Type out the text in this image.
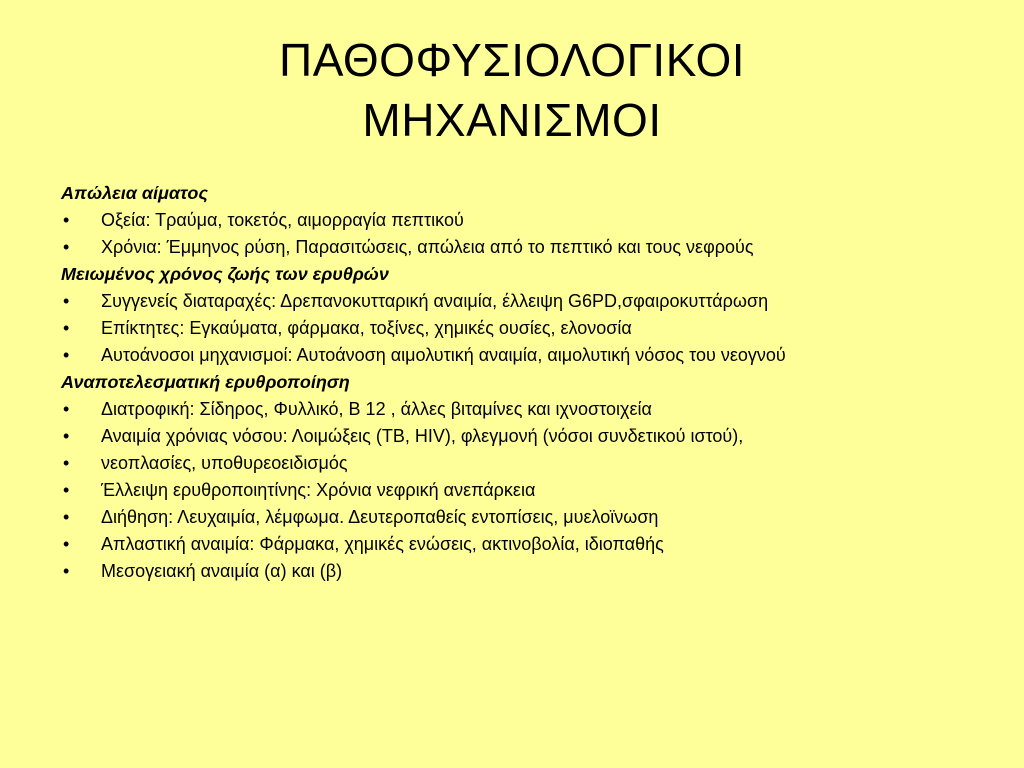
ΠΑΘΟΦΥΣΙΟΛΟΓΙΚΟΙ
ΜΗΧΑΝΙΣΜΟΙ
Απώλεια αίματος
•	Οξεία: Τραύμα, τοκετός, αιμορραγία πεπτικού
•	Χρόνια: Έμμηνος ρύση, Παρασιτώσεις, απώλεια από το πεπτικό και τους νεφρούς
Μειωμένος χρόνος ζωής των ερυθρών
•	Συγγενείς διαταραχές: Δρεπανοκυτταρική αναιμία, έλλειψη G6PD,σφαιροκυττάρωση
•	Επίκτητες: Εγκαύματα, φάρμακα, τοξίνες, χημικές ουσίες, ελονοσία
•	Αυτοάνοσοι μηχανισμοί: Αυτοάνοση αιμολυτική αναιμία, αιμολυτική νόσος του νεογνού
Αναποτελεσματική ερυθροποίηση
•	Διατροφική: Σίδηρος, Φυλλικό, Β 12 , άλλες βιταμίνες και ιχνοστοιχεία
•	Αναιμία χρόνιας νόσου: Λοιμώξεις (ΤΒ, HIV), φλεγμονή (νόσοι συνδετικού ιστού),
•	νεοπλασίες, υποθυρεοειδισμός
•	Έλλειψη ερυθροποιητίνης: Χρόνια νεφρική ανεπάρκεια
•	Διήθηση: Λευχαιμία, λέμφωμα. Δευτεροπαθείς εντοπίσεις, μυελοϊνωση
•	Απλαστική αναιμία: Φάρμακα, χημικές ενώσεις, ακτινοβολία, ιδιοπαθής
•	Μεσογειακή αναιμία (α) και (β)
